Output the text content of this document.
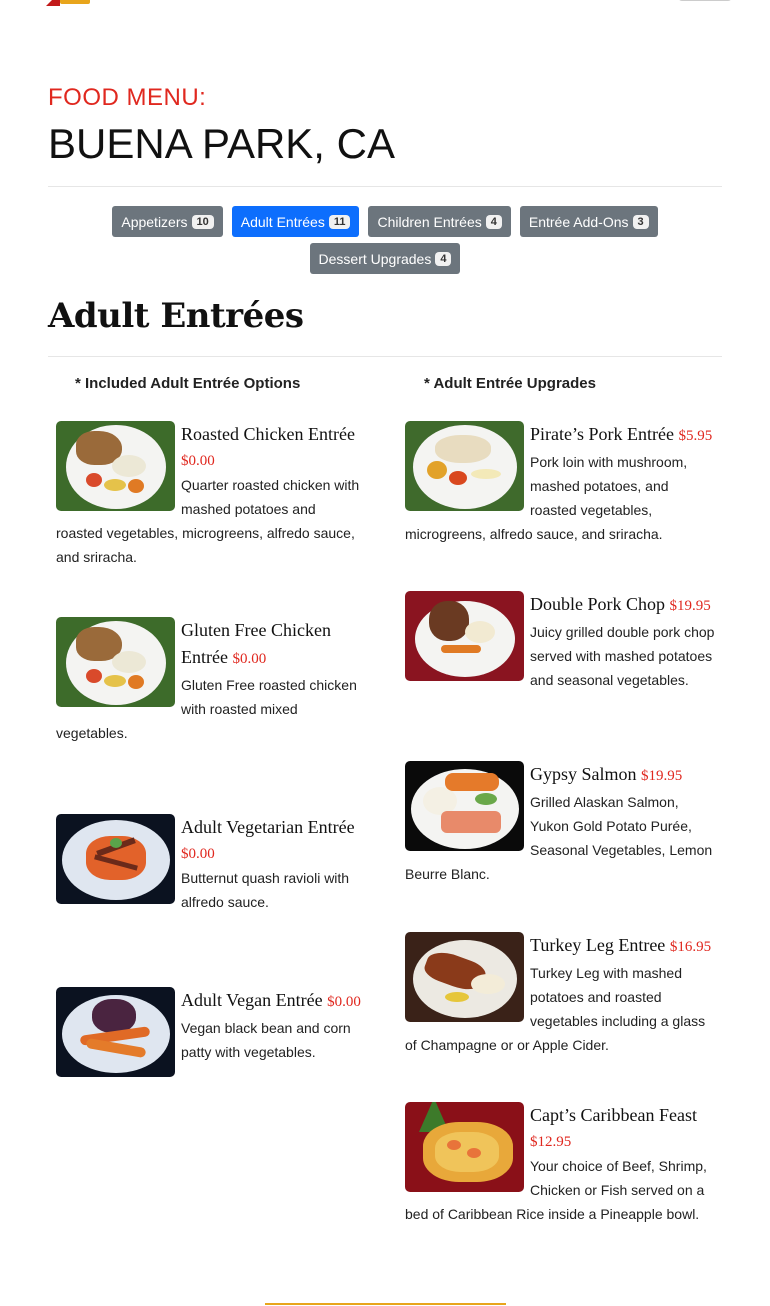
FOOD MENU:
BUENA PARK, CA
Appetizers 10	Adult Entrées 11	Children Entrées 4	Entrée Add-Ons 3
Dessert Upgrades 4
Adult Entrées
* Included Adult Entrée Options	* Adult Entrée Upgrades
Roasted Chicken Entrée
$0.00

Quarter roasted chicken with mashed potatoes and roasted vegetables, microgreens, alfredo sauce, and sriracha.

Gluten Free Chicken Entrée $0.00

Gluten Free roasted chicken with roasted mixed vegetables.

Adult Vegetarian Entrée
$0.00

Butternut quash ravioli with alfredo sauce.

Adult Vegan Entrée $0.00

Vegan black bean and corn patty with vegetables.

Pirate’s Pork Entrée $5.95

Pork loin with mushroom, mashed potatoes, and roasted vegetables, microgreens, alfredo sauce, and sriracha.

Double Pork Chop $19.95

Juicy grilled double pork chop served with mashed potatoes and seasonal vegetables.

Gypsy Salmon $19.95

Grilled Alaskan Salmon, Yukon Gold Potato Purée, Seasonal Vegetables, Lemon Beurre Blanc.

Turkey Leg Entree $16.95

Turkey Leg with mashed potatoes and roasted vegetables including a glass of Champagne or or Apple Cider.

Capt’s Caribbean Feast
$12.95

Your choice of Beef, Shrimp, Chicken or Fish served on a bed of Caribbean Rice inside a Pineapple bowl.
